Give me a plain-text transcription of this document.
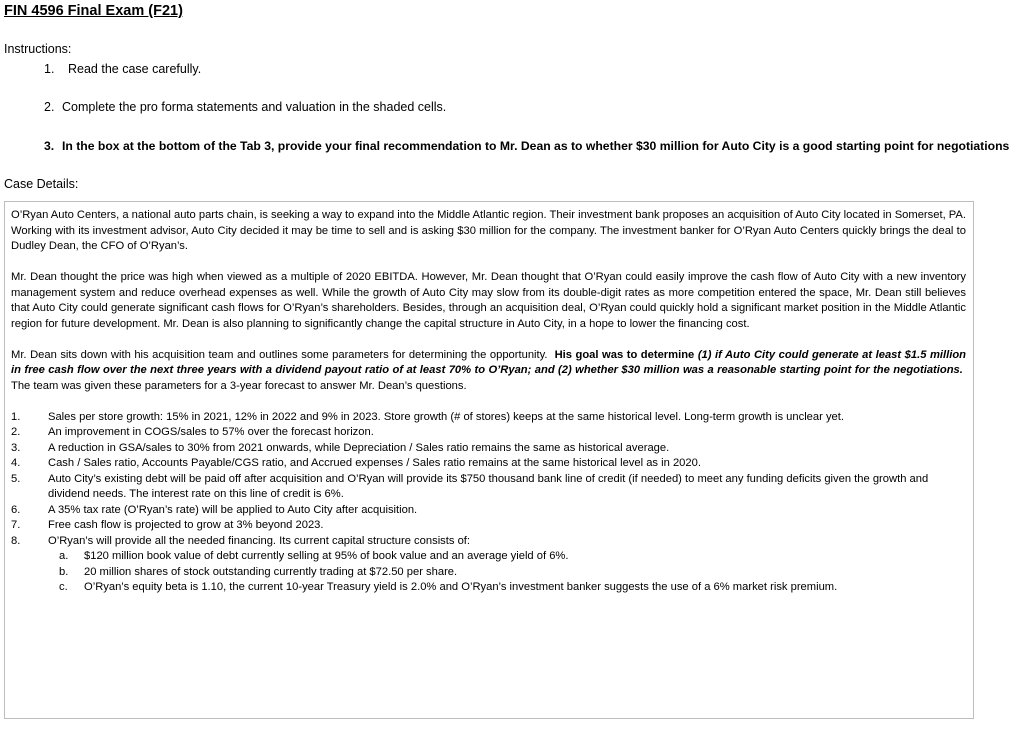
FIN 4596 Final Exam (F21)
Instructions:
1. Read the case carefully.
2. Complete the pro forma statements and valuation in the shaded cells.
3. In the box at the bottom of the Tab 3, provide your final recommendation to Mr. Dean as to whether $30 million for Auto City is a good starting point for negotiations
Case Details:

O’Ryan Auto Centers, a national auto parts chain, is seeking a way to expand into the Middle Atlantic region. Their investment bank proposes an acquisition of Auto City located in Somerset, PA. Working with its investment advisor, Auto City decided it may be time to sell and is asking $30 million for the company. The investment banker for O’Ryan Auto Centers quickly brings the deal to Dudley Dean, the CFO of O’Ryan’s.

Mr. Dean thought the price was high when viewed as a multiple of 2020 EBITDA. However, Mr. Dean thought that O’Ryan could easily improve the cash flow of Auto City with a new inventory management system and reduce overhead expenses as well. While the growth of Auto City may slow from its double-digit rates as more competition entered the space, Mr. Dean still believes that Auto City could generate significant cash flows for O’Ryan’s shareholders. Besides, through an acquisition deal, O’Ryan could quickly hold a significant market position in the Middle Atlantic region for future development. Mr. Dean is also planning to significantly change the capital structure in Auto City, in a hope to lower the financing cost.

Mr. Dean sits down with his acquisition team and outlines some parameters for determining the opportunity. His goal was to determine (1) if Auto City could generate at least $1.5 million in free cash flow over the next three years with a dividend payout ratio of at least 70% to O’Ryan; and (2) whether $30 million was a reasonable starting point for the negotiations.  The team was given these parameters for a 3-year forecast to answer Mr. Dean’s questions.

1. Sales per store growth: 15% in 2021, 12% in 2022 and 9% in 2023. Store growth (# of stores) keeps at the same historical level. Long-term growth is unclear yet.
2. An improvement in COGS/sales to 57% over the forecast horizon.
3. A reduction in GSA/sales to 30% from 2021 onwards, while Depreciation / Sales ratio remains the same as historical average.
4. Cash / Sales ratio, Accounts Payable/CGS ratio, and Accrued expenses / Sales ratio remains at the same historical level as in 2020.
5. Auto City’s existing debt will be paid off after acquisition and O’Ryan will provide its $750 thousand bank line of credit (if needed) to meet any funding deficits given the growth and dividend needs. The interest rate on this line of credit is 6%.
6. A 35% tax rate (O’Ryan’s rate) will be applied to Auto City after acquisition.
7. Free cash flow is projected to grow at 3% beyond 2023.
8. O’Ryan’s will provide all the needed financing. Its current capital structure consists of:
a. $120 million book value of debt currently selling at 95% of book value and an average yield of 6%.
b. 20 million shares of stock outstanding currently trading at $72.50 per share.
c. O’Ryan’s equity beta is 1.10, the current 10-year Treasury yield is 2.0% and O’Ryan’s investment banker suggests the use of a 6% market risk premium.
